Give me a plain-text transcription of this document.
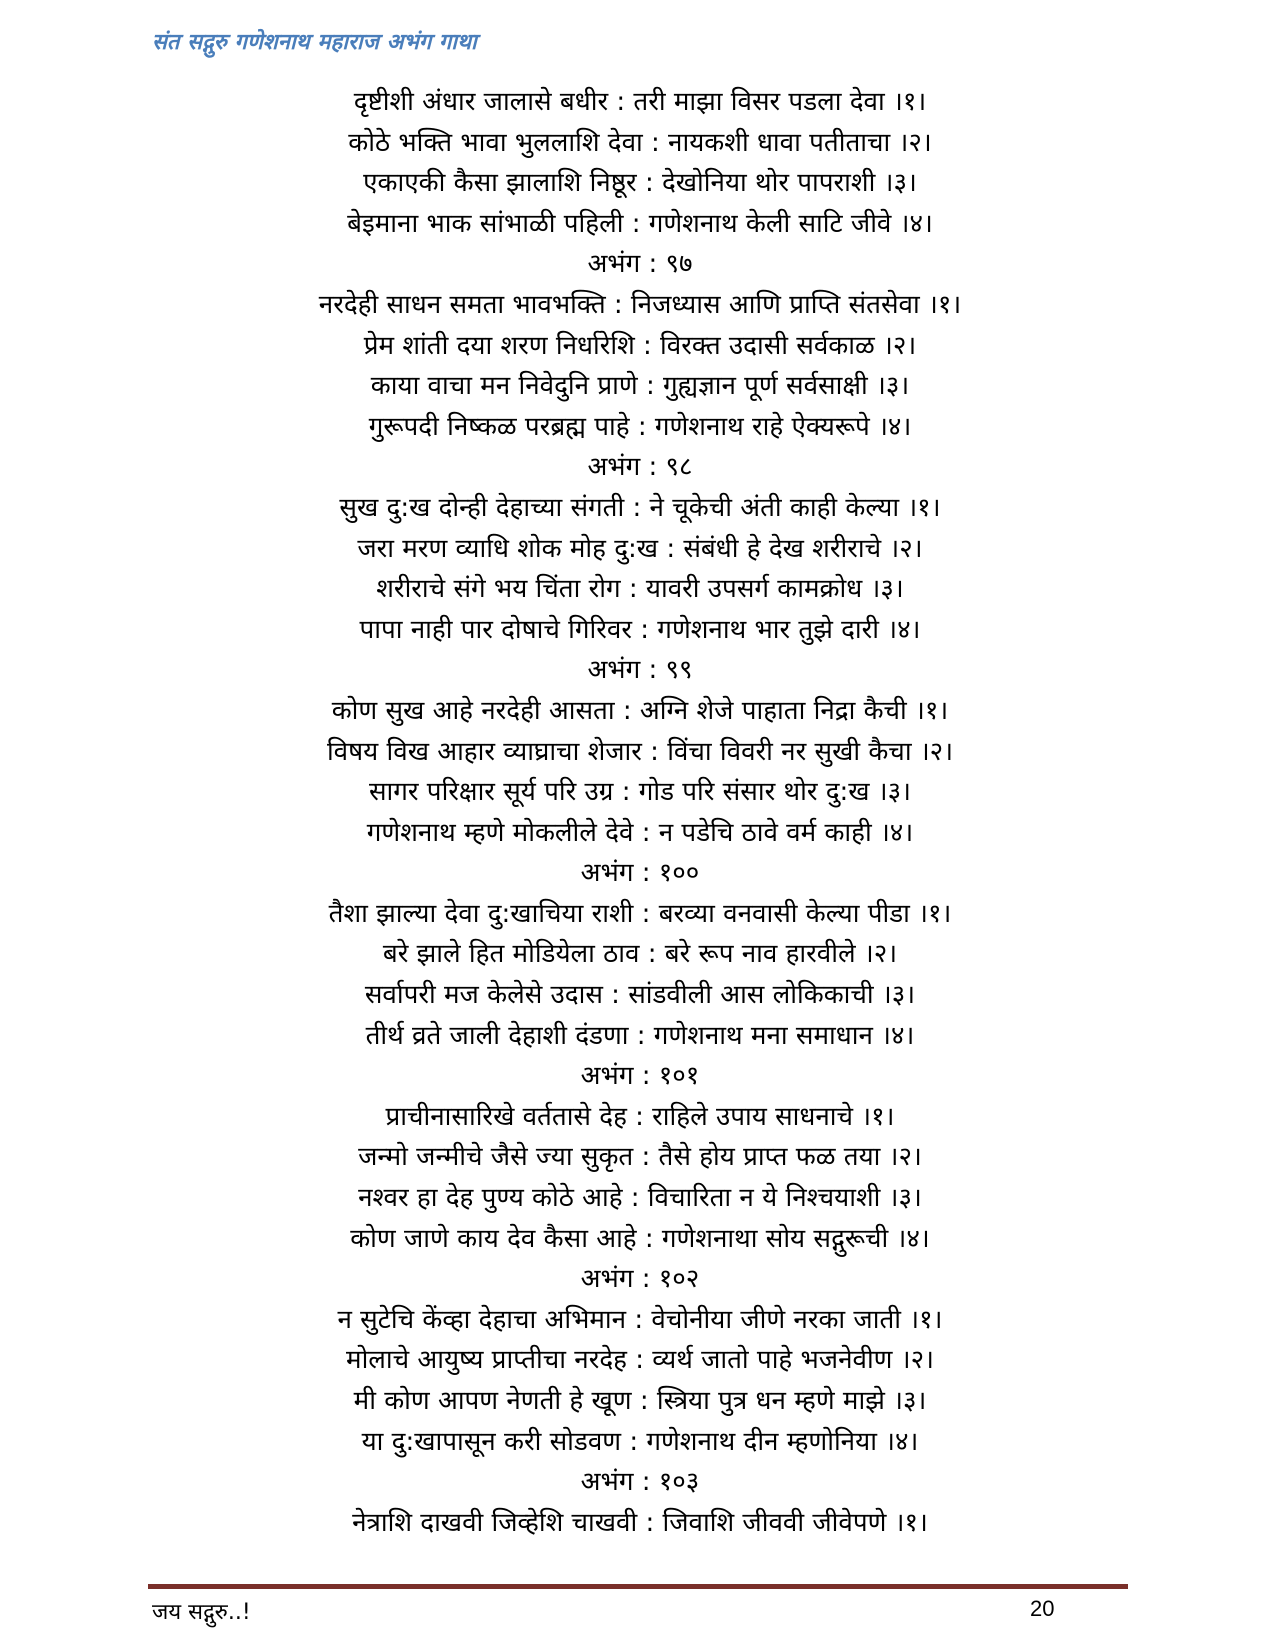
संत सद्गुरु गणेशनाथ महाराज अभंग गाथा
दृष्टीशी अंधार जालासे बधीर : तरी माझा विसर पडला देवा ।१।
कोठे भक्ति भावा भुललाशि देवा : नायकशी धावा पतीताचा ।२।
एकाएकी कैसा झालाशि निष्ठूर : देखोनिया थोर पापराशी ।३।
बेइमाना भाक सांभाळी पहिली : गणेशनाथ केली साटि जीवे ।४।
अभंग : ९७
नरदेही साधन समता भावभक्ति : निजध्यास आणि प्राप्ति संतसेवा ।१।
प्रेम शांती दया शरण निर्धारेशि : विरक्त उदासी सर्वकाळ ।२।
काया वाचा मन निवेदुनि प्राणे : गुह्यज्ञान पूर्ण सर्वसाक्षी ।३।
गुरूपदी निष्कळ परब्रह्म पाहे : गणेशनाथ राहे ऐक्यरूपे ।४।
अभंग : ९८
सुख दु:ख दोन्ही देहाच्या संगती : ने चूकेची अंती काही केल्या ।१।
जरा मरण व्याधि शोक मोह दु:ख : संबंधी हे देख शरीराचे ।२।
शरीराचे संगे भय चिंता रोग : यावरी उपसर्ग कामक्रोध ।३।
पापा नाही पार दोषाचे गिरिवर : गणेशनाथ भार तुझे दारी ।४।
अभंग : ९९
कोण सुख आहे नरदेही आसता : अग्नि शेजे पाहाता निद्रा कैची ।१।
विषय विख आहार व्याघ्राचा शेजार : विंचा विवरी नर सुखी कैचा ।२।
सागर परिक्षार सूर्य परि उग्र : गोड परि संसार थोर दु:ख ।३।
गणेशनाथ म्हणे मोकलीले देवे : न पडेचि ठावे वर्म काही ।४।
अभंग : १००
तैशा झाल्या देवा दु:खाचिया राशी : बरव्या वनवासी केल्या पीडा ।१।
बरे झाले हित मोडियेला ठाव : बरे रूप नाव हारवीले ।२।
सर्वापरी मज केलेसे उदास : सांडवीली आस लोकिकाची ।३।
तीर्थ व्रते जाली देहाशी दंडणा : गणेशनाथ मना समाधान ।४।
अभंग : १०१
प्राचीनासारिखे वर्ततासे देह : राहिले उपाय साधनाचे ।१।
जन्मो जन्मीचे जैसे ज्या सुकृत : तैसे होय प्राप्त फळ तया ।२।
नश्वर हा देह पुण्य कोठे आहे : विचारिता न ये निश्चयाशी ।३।
कोण जाणे काय देव कैसा आहे : गणेशनाथा सोय सद्गुरूची ।४।
अभंग : १०२
न सुटेचि केंव्हा देहाचा अभिमान : वेचोनीया जीणे नरका जाती ।१।
मोलाचे आयुष्य प्राप्तीचा नरदेह : व्यर्थ जातो पाहे भजनेवीण ।२।
मी कोण आपण नेणती हे खूण : स्त्रिया पुत्र धन म्हणे माझे ।३।
या दु:खापासून करी सोडवण : गणेशनाथ दीन म्हणोनिया ।४।
अभंग : १०३
नेत्राशि दाखवी जिव्हेशि चाखवी : जिवाशि जीववी जीवेपणे ।१।
जय सद्गुरु..!	20
